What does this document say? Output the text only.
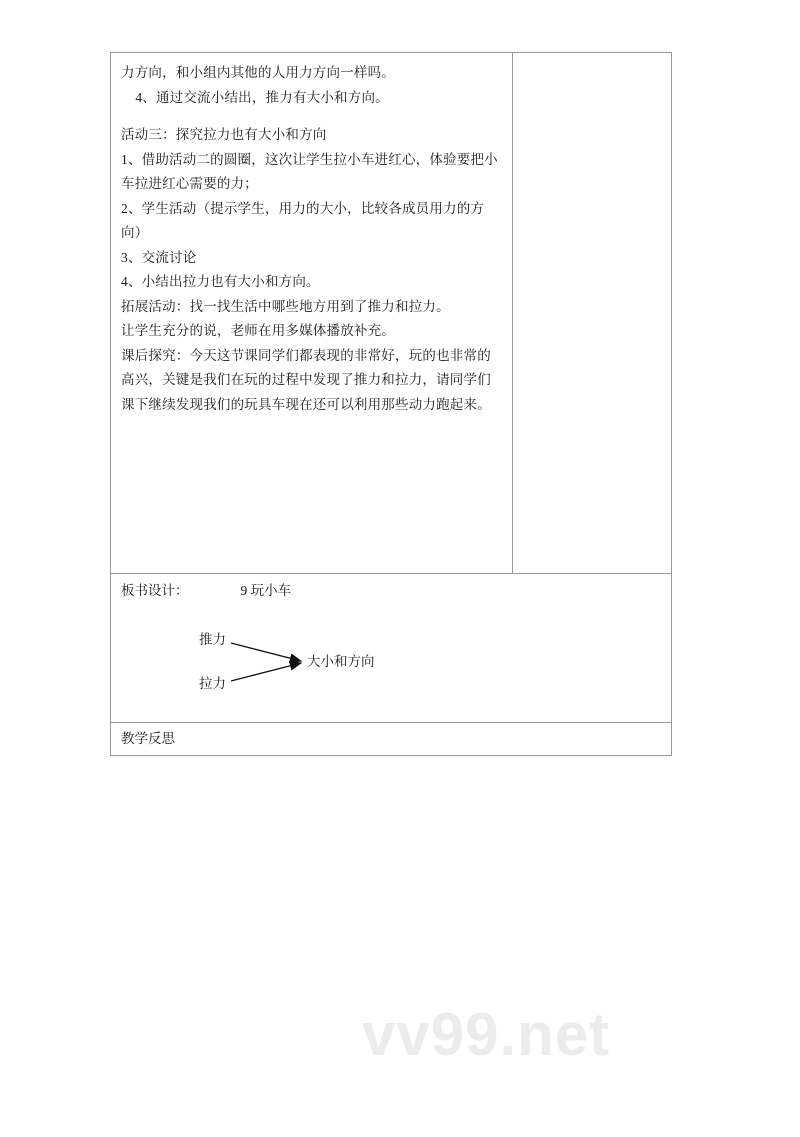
力方向，和小组内其他的人用力方向一样吗。
4、通过交流小结出，推力有大小和方向。
活动三：探究拉力也有大小和方向
1、借助活动二的圆圈，这次让学生拉小车进红心，体验要把小车拉进红心需要的力；
2、学生活动（提示学生，用力的大小，比较各成员用力的方向）
3、交流讨论
4、小结出拉力也有大小和方向。
拓展活动：找一找生活中哪些地方用到了推力和拉力。
让学生充分的说，老师在用多媒体播放补充。
课后探究：今天这节课同学们都表现的非常好，玩的也非常的高兴，关键是我们在玩的过程中发现了推力和拉力，请同学们课下继续发现我们的玩具车现在还可以利用那些动力跑起来。

板书设计：	9 玩小车
推力
拉力
大小和方向

教学反思
vv99.net
